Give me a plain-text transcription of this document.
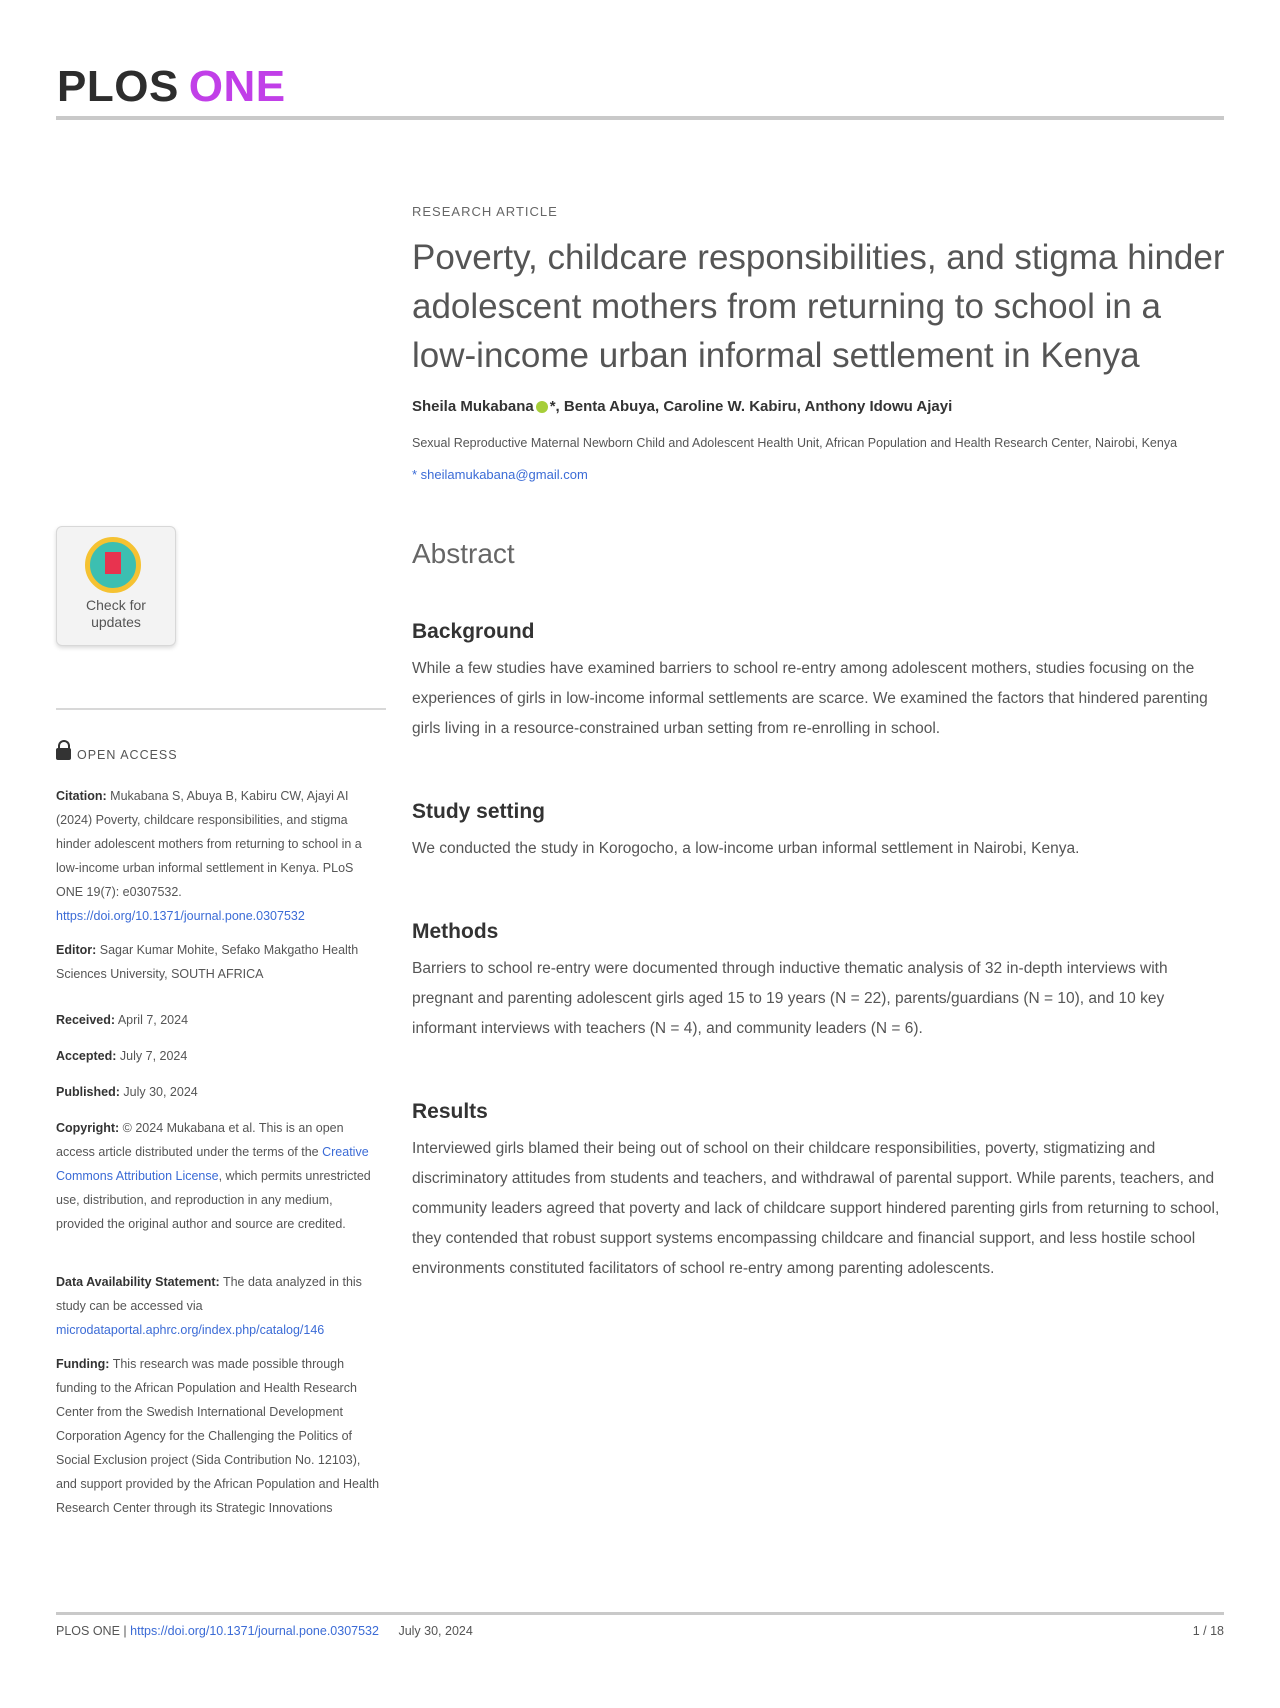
PLOS ONE
Check for
updates
OPEN ACCESS
Citation: Mukabana S, Abuya B, Kabiru CW, Ajayi AI (2024) Poverty, childcare responsibilities, and stigma hinder adolescent mothers from returning to school in a low-income urban informal settlement in Kenya. PLoS ONE 19(7): e0307532. https://doi.org/10.1371/journal.pone.0307532
Editor: Sagar Kumar Mohite, Sefako Makgatho Health Sciences University, SOUTH AFRICA
Received: April 7, 2024
Accepted: July 7, 2024
Published: July 30, 2024
Copyright: © 2024 Mukabana et al. This is an open access article distributed under the terms of the Creative Commons Attribution License, which permits unrestricted use, distribution, and reproduction in any medium, provided the original author and source are credited.
Data Availability Statement: The data analyzed in this study can be accessed via microdataportal.aphrc.org/index.php/catalog/146
Funding: This research was made possible through funding to the African Population and Health Research Center from the Swedish International Development Corporation Agency for the Challenging the Politics of Social Exclusion project (Sida Contribution No. 12103), and support provided by the African Population and Health Research Center through its Strategic Innovations
RESEARCH ARTICLE
Poverty, childcare responsibilities, and stigma hinder adolescent mothers from returning to school in a low-income urban informal settlement in Kenya
Sheila Mukabana *, Benta Abuya, Caroline W. Kabiru, Anthony Idowu Ajayi
Sexual Reproductive Maternal Newborn Child and Adolescent Health Unit, African Population and Health Research Center, Nairobi, Kenya
* sheilamukabana@gmail.com
Abstract
Background
While a few studies have examined barriers to school re-entry among adolescent mothers, studies focusing on the experiences of girls in low-income informal settlements are scarce. We examined the factors that hindered parenting girls living in a resource-constrained urban setting from re-enrolling in school.
Study setting
We conducted the study in Korogocho, a low-income urban informal settlement in Nairobi, Kenya.
Methods
Barriers to school re-entry were documented through inductive thematic analysis of 32 in-depth interviews with pregnant and parenting adolescent girls aged 15 to 19 years (N = 22), parents/guardians (N = 10), and 10 key informant interviews with teachers (N = 4), and community leaders (N = 6).
Results
Interviewed girls blamed their being out of school on their childcare responsibilities, poverty, stigmatizing and discriminatory attitudes from students and teachers, and withdrawal of parental support. While parents, teachers, and community leaders agreed that poverty and lack of childcare support hindered parenting girls from returning to school, they contended that robust support systems encompassing childcare and financial support, and less hostile school environments constituted facilitators of school re-entry among parenting adolescents.
PLOS ONE | https://doi.org/10.1371/journal.pone.0307532 July 30, 2024	1 / 18
